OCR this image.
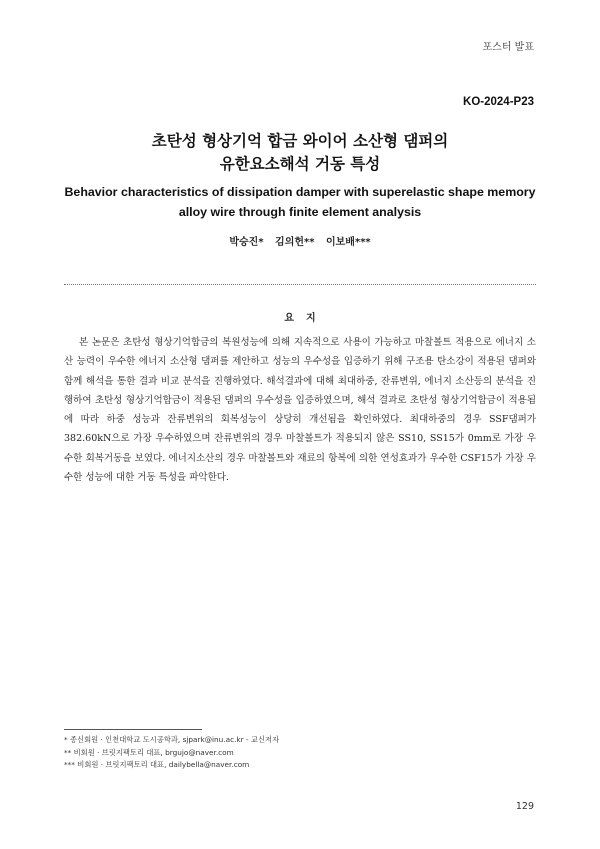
포스터 발표
KO-2024-P23
초탄성 형상기억 합금 와이어 소산형 댐퍼의
유한요소해석 거동 특성
Behavior characteristics of dissipation damper with superelastic shape memory alloy wire through finite element analysis
박승진* 김의헌** 이보배***
요지
본 논문은 초탄성 형상기억합금의 복원성능에 의해 지속적으로 사용이 가능하고 마찰볼트 적용으로 에너지 소산 능력이 우수한 에너지 소산형 댐퍼를 제안하고 성능의 우수성을 입증하기 위해 구조용 탄소강이 적용된 댐퍼와 함께 해석을 통한 결과 비교 분석을 진행하였다. 해석결과에 대해 최대하중, 잔류변위, 에너지 소산등의 분석을 진행하여 초탄성 형상기억합금이 적용된 댐퍼의 우수성을 입증하였으며, 해석 결과로 초탄성 형상기억합금이 적용됨에 따라 하중 성능과 잔류변위의 회복성능이 상당히 개선됨을 확인하였다. 최대하중의 경우 SSF댐퍼가 382.60kN으로 가장 우수하였으며 잔류변위의 경우 마찰볼트가 적용되지 않은 SS10, SS15가 0mm로 가장 우수한 회복거동을 보였다. 에너지소산의 경우 마찰볼트와 재료의 항복에 의한 연성효과가 우수한 CSF15가 가장 우수한 성능에 대한 거동 특성을 파악한다.
* 종신회원 · 인천대학교 도시공학과, sjpark@inu.ac.kr - 교신저자
** 비회원 · 브릿지팩토리 대표, brgujo@naver.com
*** 비회원 · 브릿지팩토리 대표, dailybella@naver.com
129
